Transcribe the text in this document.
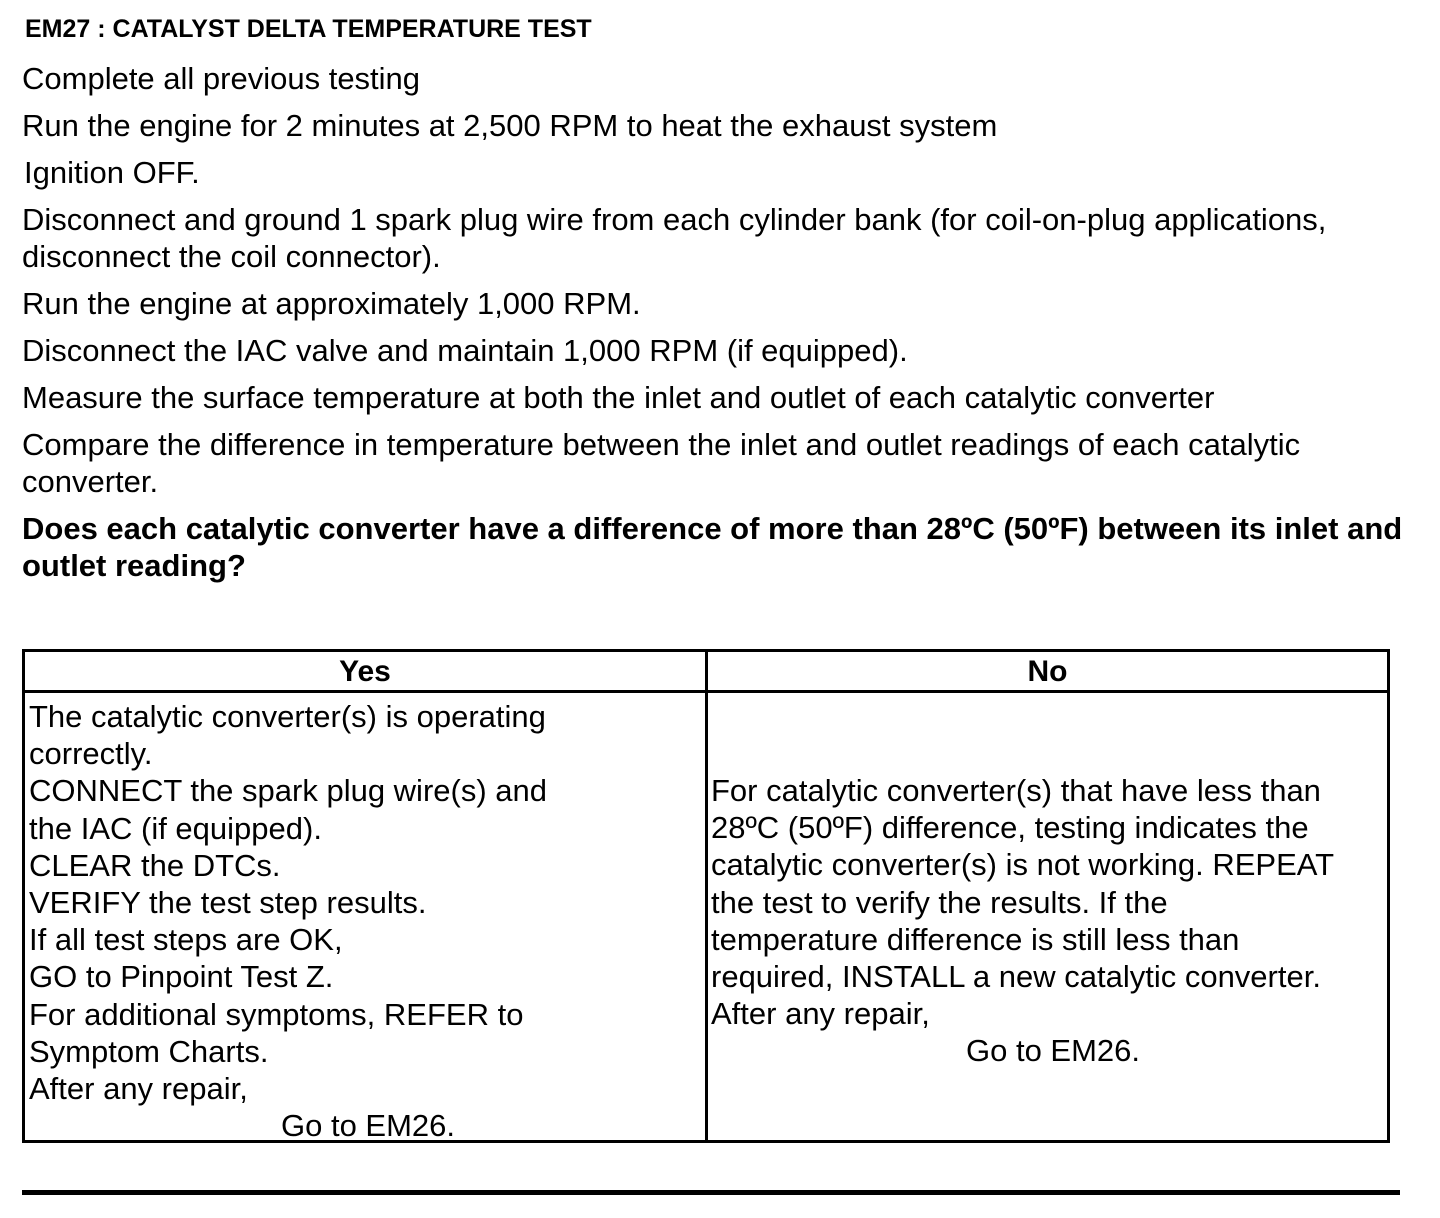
EM27 : CATALYST DELTA TEMPERATURE TEST

Complete all previous testing

Run the engine for 2 minutes at 2,500 RPM to heat the exhaust system

Ignition OFF.

Disconnect and ground 1 spark plug wire from each cylinder bank (for coil-on-plug applications, disconnect the coil connector).

Run the engine at approximately 1,000 RPM.

Disconnect the IAC valve and maintain 1,000 RPM (if equipped).

Measure the surface temperature at both the inlet and outlet of each catalytic converter

Compare the difference in temperature between the inlet and outlet readings of each catalytic converter.

Does each catalytic converter have a difference of more than 28ºC (50ºF) between its inlet and outlet reading?

Yes	No
The catalytic converter(s) is operating
correctly.
CONNECT the spark plug wire(s) and
the IAC (if equipped).
CLEAR the DTCs.
VERIFY the test step results.
If all test steps are OK,
GO to Pinpoint Test Z.
For additional symptoms, REFER to
Symptom Charts.
After any repair,
Go to EM26.
For catalytic converter(s) that have less than
28ºC (50ºF) difference, testing indicates the
catalytic converter(s) is not working. REPEAT
the test to verify the results. If the
temperature difference is still less than
required, INSTALL a new catalytic converter.
After any repair,
Go to EM26.
